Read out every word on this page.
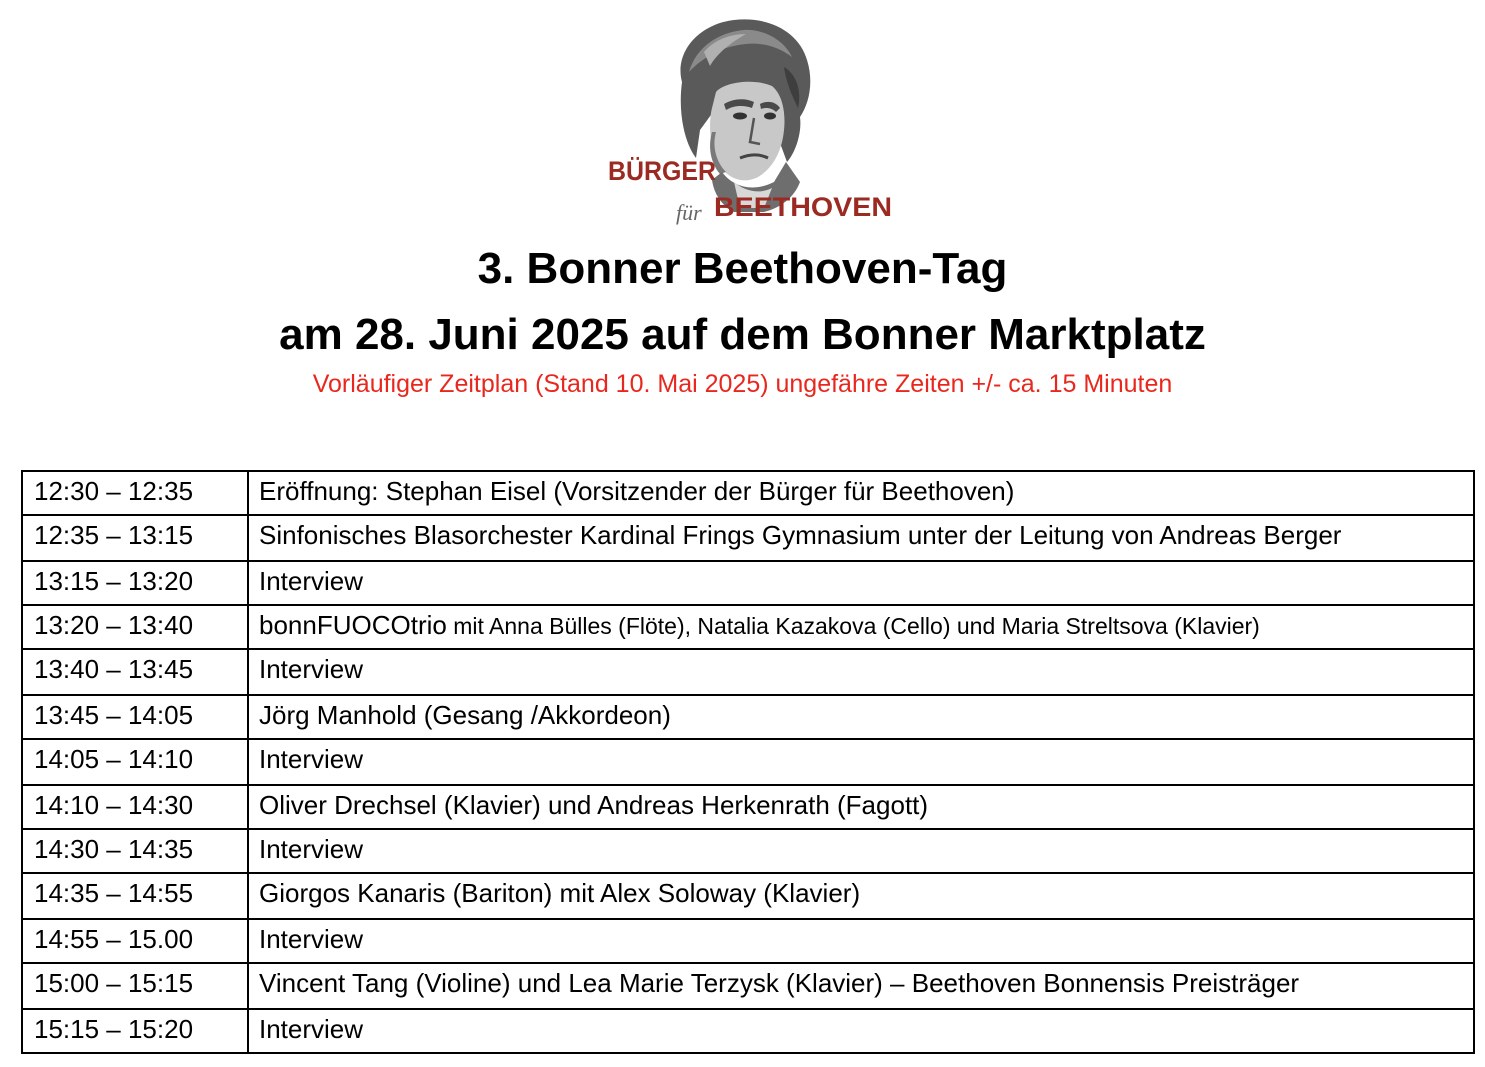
BÜRGER
für BEETHOVEN
3. Bonner Beethoven-Tag
am 28. Juni 2025 auf dem Bonner Marktplatz
Vorläufiger Zeitplan (Stand 10. Mai 2025) ungefähre Zeiten +/- ca. 15 Minuten
12:30 – 12:35	Eröffnung: Stephan Eisel (Vorsitzender der Bürger für Beethoven)
12:35 – 13:15	Sinfonisches Blasorchester Kardinal Frings Gymnasium unter der Leitung von Andreas Berger
13:15 – 13:20	Interview
13:20 – 13:40	bonnFUOCOtrio mit Anna Bülles (Flöte), Natalia Kazakova (Cello) und Maria Streltsova (Klavier)
13:40 – 13:45	Interview
13:45 – 14:05	Jörg Manhold (Gesang /Akkordeon)
14:05 – 14:10	Interview
14:10 – 14:30	Oliver Drechsel (Klavier) und Andreas Herkenrath (Fagott)
14:30 – 14:35	Interview
14:35 – 14:55	Giorgos Kanaris (Bariton) mit Alex Soloway (Klavier)
14:55 – 15.00	Interview
15:00 – 15:15	Vincent Tang (Violine) und Lea Marie Terzysk (Klavier) – Beethoven Bonnensis Preisträger
15:15 – 15:20	Interview
